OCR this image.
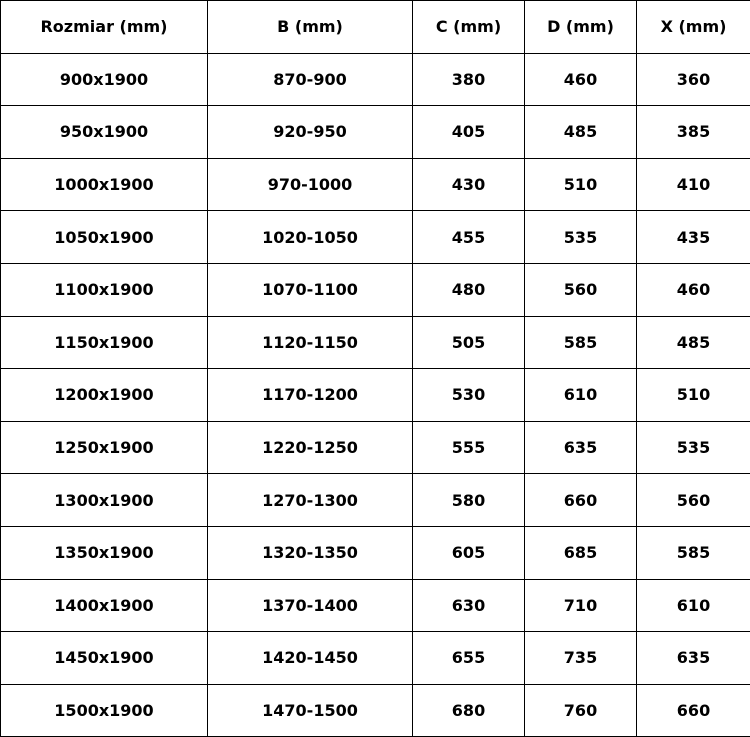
Rozmiar (mm)	B (mm)	C (mm)	D (mm)	X (mm)
900x1900	870-900	380	460	360
950x1900	920-950	405	485	385
1000x1900	970-1000	430	510	410
1050x1900	1020-1050	455	535	435
1100x1900	1070-1100	480	560	460
1150x1900	1120-1150	505	585	485
1200x1900	1170-1200	530	610	510
1250x1900	1220-1250	555	635	535
1300x1900	1270-1300	580	660	560
1350x1900	1320-1350	605	685	585
1400x1900	1370-1400	630	710	610
1450x1900	1420-1450	655	735	635
1500x1900	1470-1500	680	760	660
